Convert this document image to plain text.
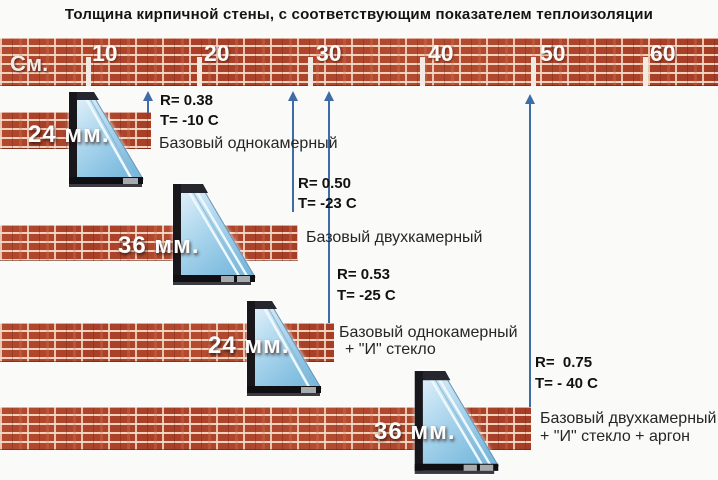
Толщина кирпичной стены, с соответствующим показателем теплоизоляции
См. 10	20	30	40	50	60
24 мм.
36 мм.
24 мм.
36 мм.
R= 0.38
T= -10 C
Базовый однокамерный
R= 0.50
T= -23 C
Базовый двухкамерный
R= 0.53
T= -25 C
Базовый однокамерный
+ "И" стекло
R=  0.75
T= - 40 C
Базовый двухкамерный
+ "И" стекло + аргон
